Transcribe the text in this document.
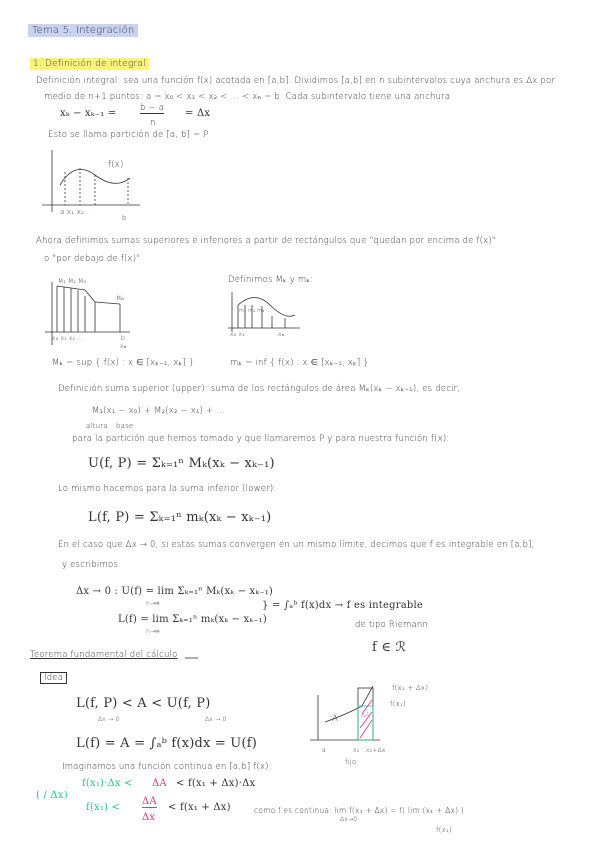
Tema 5. Integración
1. Definición de integral
Definición integral: sea una función f(x) acotada en [a,b]. Dividimos [a,b] en n subintervalos cuya anchura es Δx por
medio de n+1 puntos: a = x₀ < x₁ < x₂ < … < xₙ = b. Cada subintervalo tiene una anchura
xₖ − xₖ₋₁ =	b − a
n
= Δx
Esto se llama partición de [a, b] = P
f(x)
a x₁ x₂ …
b
Ahora definimos sumas superiores e inferiores a partir de rectángulos que "quedan por encima de f(x)"
o "por debajo de f(x)"
Definimos Mₖ y mₖ:
M₁ M₂ M₃
Mₙ
x₀ x₁ x₂ …	b
xₙ
m₁ m₂ m₃ …
x₀ x₁	xₙ
Mₖ = sup { f(x) : x ∈ [xₖ₋₁, xₖ] }	mₖ = inf { f(x) : x ∈ [xₖ₋₁, xₖ] }
Definición suma superior (upper): suma de los rectángulos de área Mₖ(xₖ − xₖ₋₁), es decir,
M₁(x₁ − x₀) + M₂(x₂ − x₁) + …
altura base
para la partición que hemos tomado y que llamaremos P y para nuestra función f(x):
U(f, P) = Σₖ₌₁ⁿ Mₖ(xₖ − xₖ₋₁)
Lo mismo hacemos para la suma inferior (lower):
L(f, P) = Σₖ₌₁ⁿ mₖ(xₖ − xₖ₋₁)
En el caso que Δx → 0, si estas sumas convergen en un mismo límite, decimos que f es integrable en [a,b],
y escribimos
Δx → 0 : U(f) = lim Σₖ₌₁ⁿ Mₖ(xₖ − xₖ₋₁)
n→∞
L(f) = lim Σₖ₌₁ⁿ mₖ(xₖ − xₖ₋₁)
n→∞
} = ∫ₐᵇ f(x)dx → f es integrable
de tipo Riemann
f ∈ ℛ
Teorema fundamental del cálculo
Idea
L(f, P) < A < U(f, P)
Δx → 0	Δx → 0
L(f) = A = ∫ₐᵇ f(x)dx = U(f)
f(x₁ + Δx)
f(x₁)
A	ΔA
a	x₁ x₁+Δx
fijo
Imaginamos una función continua en [a,b] f(x):
f(x₁)·Δx < ΔA < f(x₁ + Δx)·Δx
( / Δx)
f(x₁) <
ΔA
Δx
< f(x₁ + Δx)	como f es continua: lim f(x₁ + Δx) = f( lim (x₁ + Δx) )
Δx→0
f(x₁)
